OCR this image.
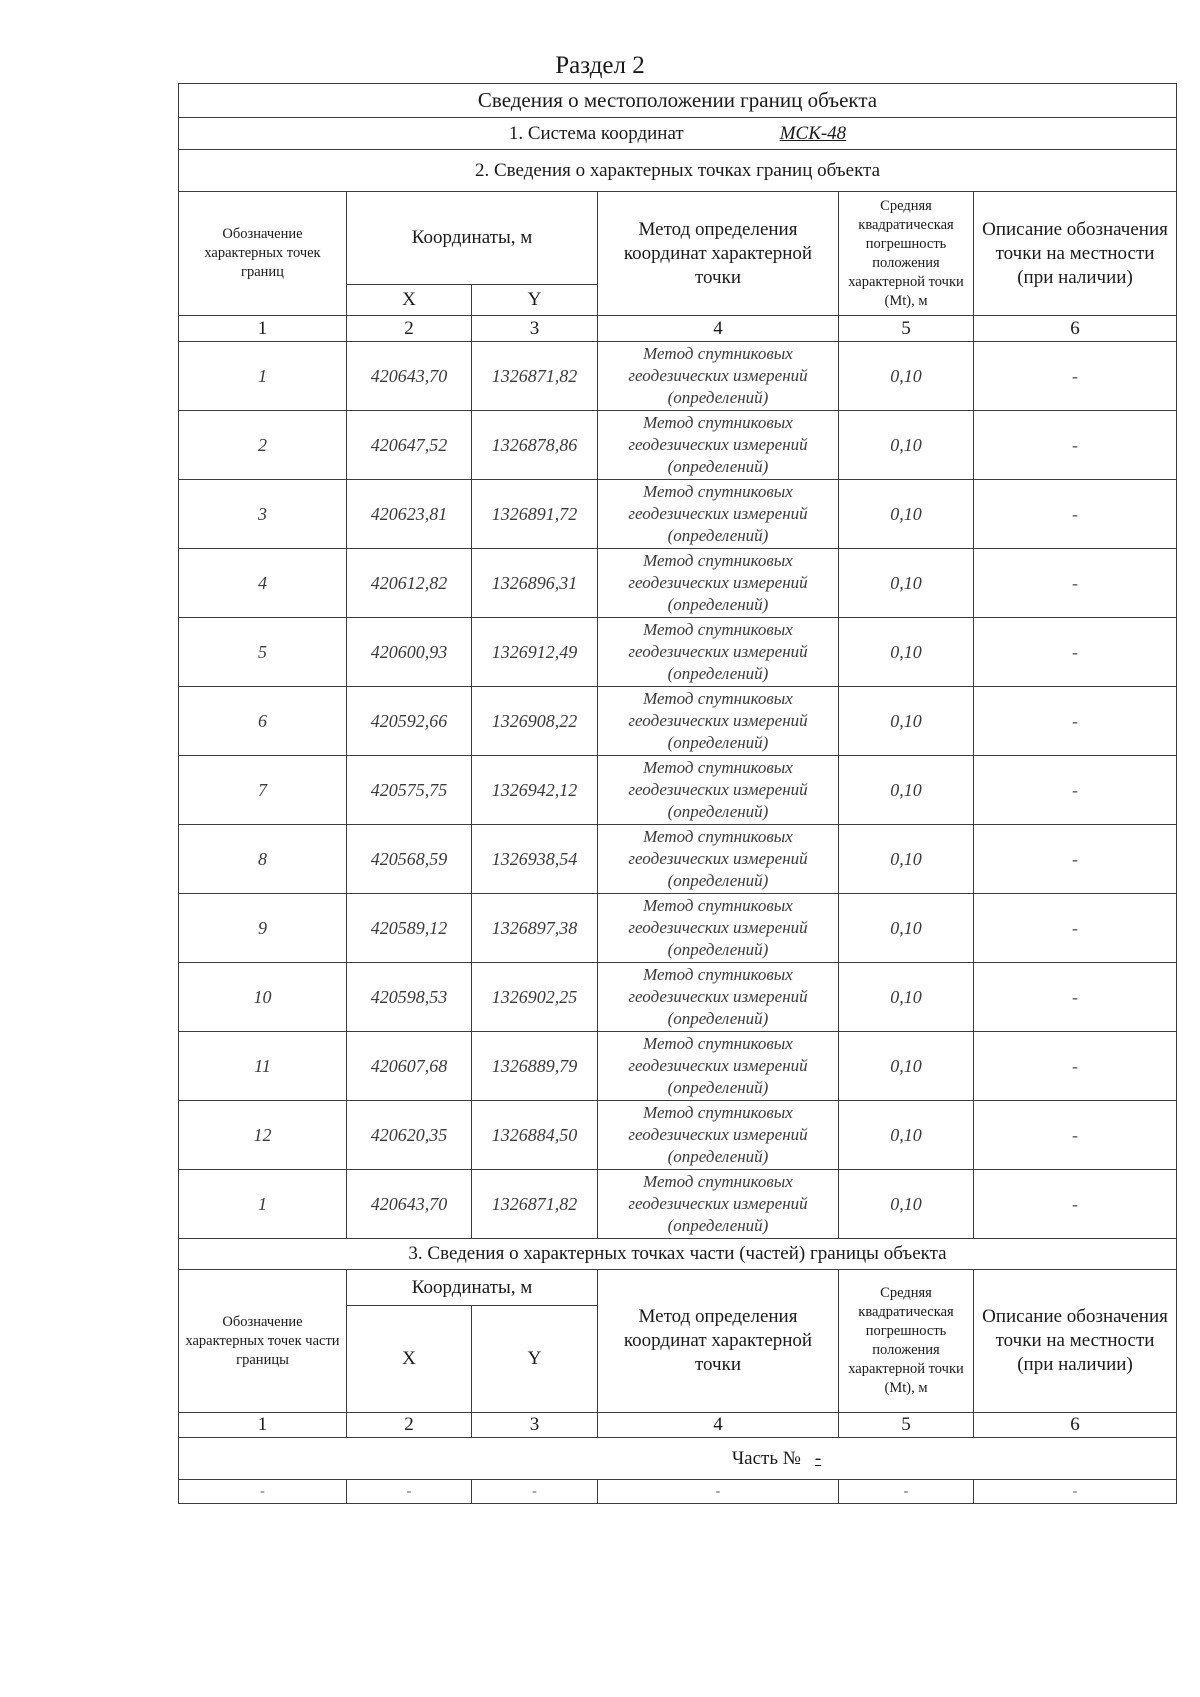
Раздел 2
Сведения о местоположении границ объекта					
1. Система координат МСК-48					
2. Сведения о характерных точках границ объекта					
Обозначение характерных точек границ	Координаты, м		Метод определения координат характерной точки	Средняя квадратическая погрешность положения характерной точки (Mt), м	Описание обозначения точки на местности (при наличии)
	X	Y			
1	2	3	4	5	6
1	420643,70	1326871,82	Метод спутниковых геодезических измерений (определений)	0,10	-
2	420647,52	1326878,86	Метод спутниковых геодезических измерений (определений)	0,10	-
3	420623,81	1326891,72	Метод спутниковых геодезических измерений (определений)	0,10	-
4	420612,82	1326896,31	Метод спутниковых геодезических измерений (определений)	0,10	-
5	420600,93	1326912,49	Метод спутниковых геодезических измерений (определений)	0,10	-
6	420592,66	1326908,22	Метод спутниковых геодезических измерений (определений)	0,10	-
7	420575,75	1326942,12	Метод спутниковых геодезических измерений (определений)	0,10	-
8	420568,59	1326938,54	Метод спутниковых геодезических измерений (определений)	0,10	-
9	420589,12	1326897,38	Метод спутниковых геодезических измерений (определений)	0,10	-
10	420598,53	1326902,25	Метод спутниковых геодезических измерений (определений)	0,10	-
11	420607,68	1326889,79	Метод спутниковых геодезических измерений (определений)	0,10	-
12	420620,35	1326884,50	Метод спутниковых геодезических измерений (определений)	0,10	-
1	420643,70	1326871,82	Метод спутниковых геодезических измерений (определений)	0,10	-
3. Сведения о характерных точках части (частей) границы объекта					
Обозначение характерных точек части границы	Координаты, м		Метод определения координат характерной точки	Средняя квадратическая погрешность положения характерной точки (Mt), м	Описание обозначения точки на местности (при наличии)
	X	Y			
1	2	3	4	5	6
Часть № -					
-	-	-	-	-	-
